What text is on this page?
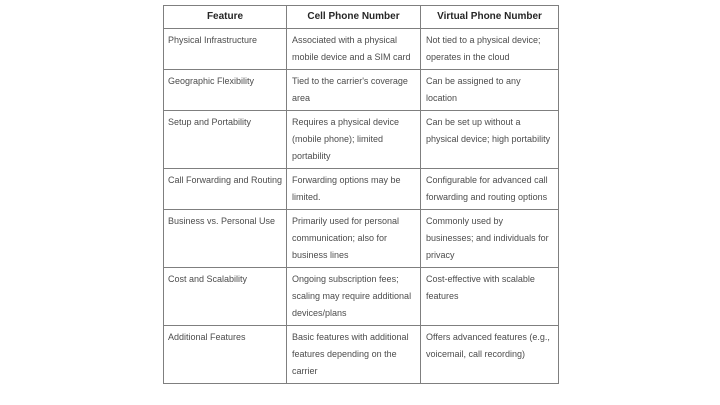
Feature	Cell Phone Number	Virtual Phone Number
Physical Infrastructure	Associated with a physical mobile device and a SIM card	Not tied to a physical device; operates in the cloud
Geographic Flexibility	Tied to the carrier's coverage area	Can be assigned to any location
Setup and Portability	Requires a physical device (mobile phone); limited portability	Can be set up without a physical device; high portability
Call Forwarding and Routing	Forwarding options may be limited.	Configurable for advanced call forwarding and routing options
Business vs. Personal Use	Primarily used for personal communication; also for business lines	Commonly used by businesses; and individuals for privacy
Cost and Scalability	Ongoing subscription fees; scaling may require additional devices/plans	Cost-effective with scalable features
Additional Features	Basic features with additional features depending on the carrier	Offers advanced features (e.g., voicemail, call recording)
